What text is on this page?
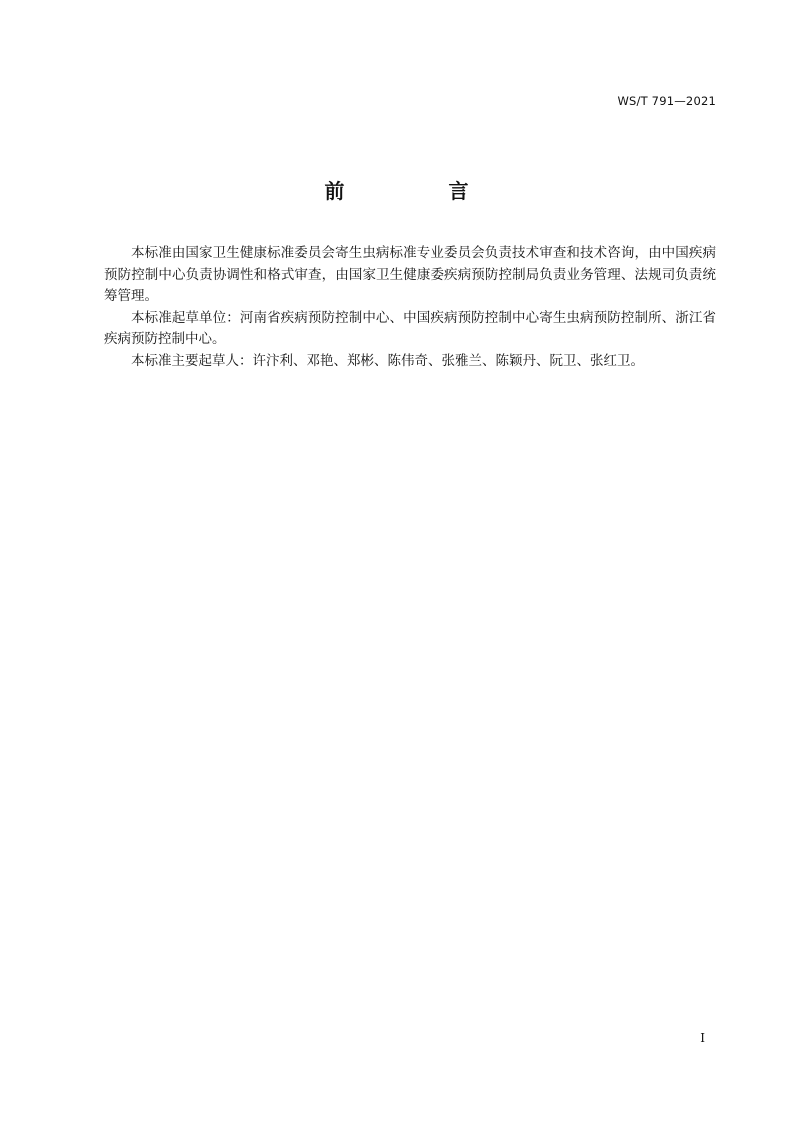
WS/T 791—2021
前　言

本标准由国家卫生健康标准委员会寄生虫病标准专业委员会负责技术审查和技术咨询，由中国疾病预防控制中心负责协调性和格式审查，由国家卫生健康委疾病预防控制局负责业务管理、法规司负责统筹管理。

本标准起草单位：河南省疾病预防控制中心、中国疾病预防控制中心寄生虫病预防控制所、浙江省疾病预防控制中心。

本标准主要起草人：许汴利、邓艳、郑彬、陈伟奇、张雅兰、陈颖丹、阮卫、张红卫。

I
